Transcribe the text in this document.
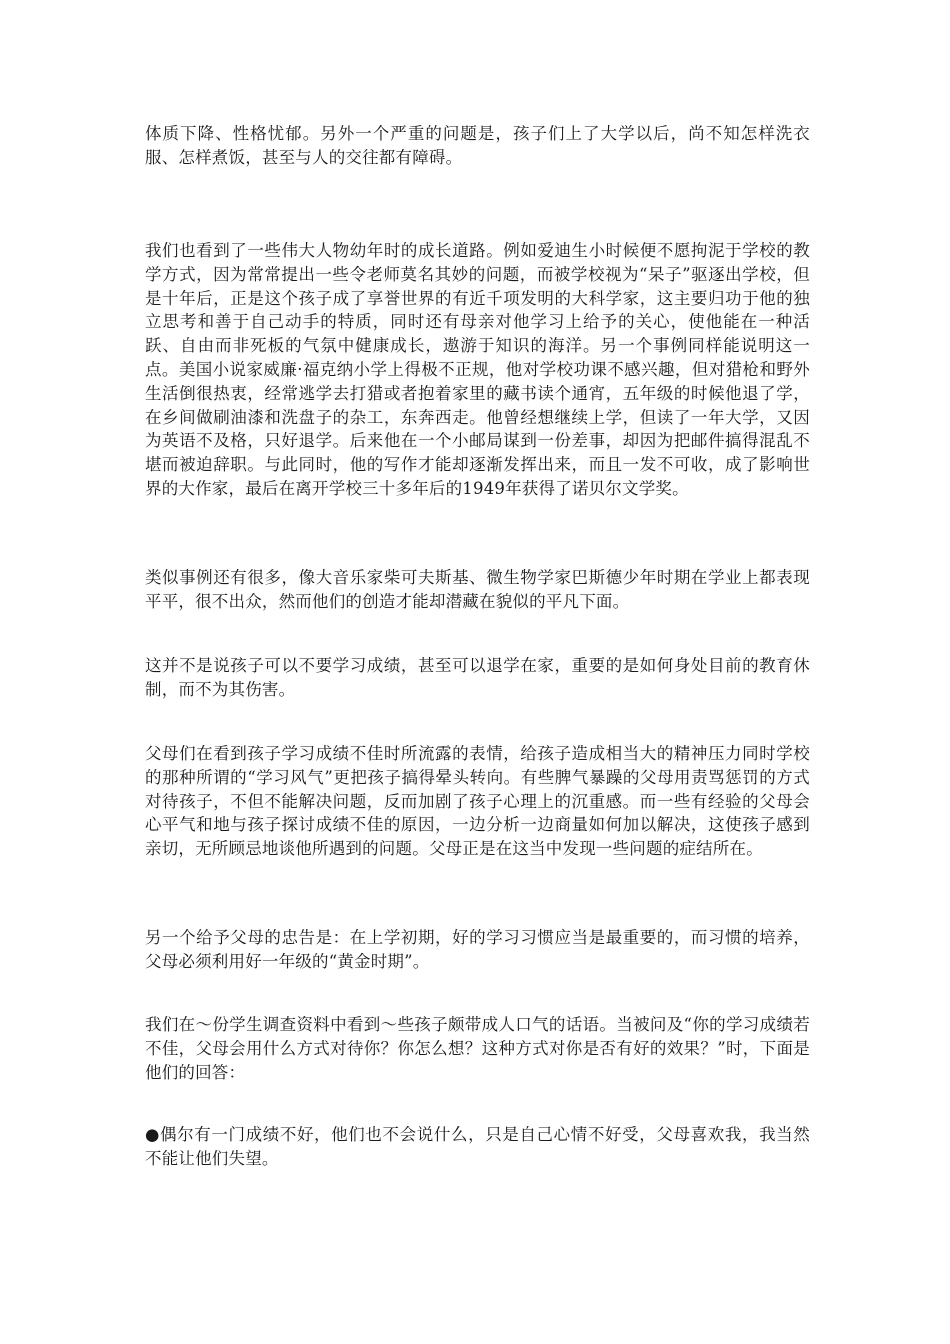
体质下降、性格忧郁。另外一个严重的问题是，孩子们上了大学以后，尚不知怎样洗衣服、怎样煮饭，甚至与人的交往都有障碍。

我们也看到了一些伟大人物幼年时的成长道路。例如爱迪生小时候便不愿拘泥于学校的教学方式，因为常常提出一些令老师莫名其妙的问题，而被学校视为“呆子”驱逐出学校，但是十年后，正是这个孩子成了享誉世界的有近千项发明的大科学家，这主要归功于他的独立思考和善于自己动手的特质，同时还有母亲对他学习上给予的关心，使他能在一种活跃、自由而非死板的气氛中健康成长，遨游于知识的海洋。另一个事例同样能说明这一点。美国小说家威廉·福克纳小学上得极不正规，他对学校功课不感兴趣，但对猎枪和野外生活倒很热衷，经常逃学去打猎或者抱着家里的藏书读个通宵，五年级的时候他退了学，在乡间做刷油漆和洗盘子的杂工，东奔西走。他曾经想继续上学，但读了一年大学，又因为英语不及格，只好退学。后来他在一个小邮局谋到一份差事，却因为把邮件搞得混乱不堪而被迫辞职。与此同时，他的写作才能却逐渐发挥出来，而且一发不可收，成了影响世界的大作家，最后在离开学校三十多年后的1949年获得了诺贝尔文学奖。

类似事例还有很多，像大音乐家柴可夫斯基、微生物学家巴斯德少年时期在学业上都表现平平，很不出众，然而他们的创造才能却潜藏在貌似的平凡下面。

这并不是说孩子可以不要学习成绩，甚至可以退学在家，重要的是如何身处目前的教育休制，而不为其伤害。

父母们在看到孩子学习成绩不佳时所流露的表情，给孩子造成相当大的精神压力同时学校的那种所谓的“学习风气”更把孩子搞得晕头转向。有些脾气暴躁的父母用责骂惩罚的方式对待孩子，不但不能解决问题，反而加剧了孩子心理上的沉重感。而一些有经验的父母会心平气和地与孩子探讨成绩不佳的原因，一边分析一边商量如何加以解决，这使孩子感到亲切，无所顾忌地谈他所遇到的问题。父母正是在这当中发现一些问题的症结所在。

另一个给予父母的忠告是：在上学初期，好的学习习惯应当是最重要的，而习惯的培养，父母必须利用好一年级的“黄金时期”。

我们在～份学生调查资料中看到～些孩子颇带成人口气的话语。当被问及“你的学习成绩若不佳，父母会用什么方式对待你？你怎么想？这种方式对你是否有好的效果？”时，下面是他们的回答：

●偶尔有一门成绩不好，他们也不会说什么，只是自己心情不好受，父母喜欢我，我当然不能让他们失望。
